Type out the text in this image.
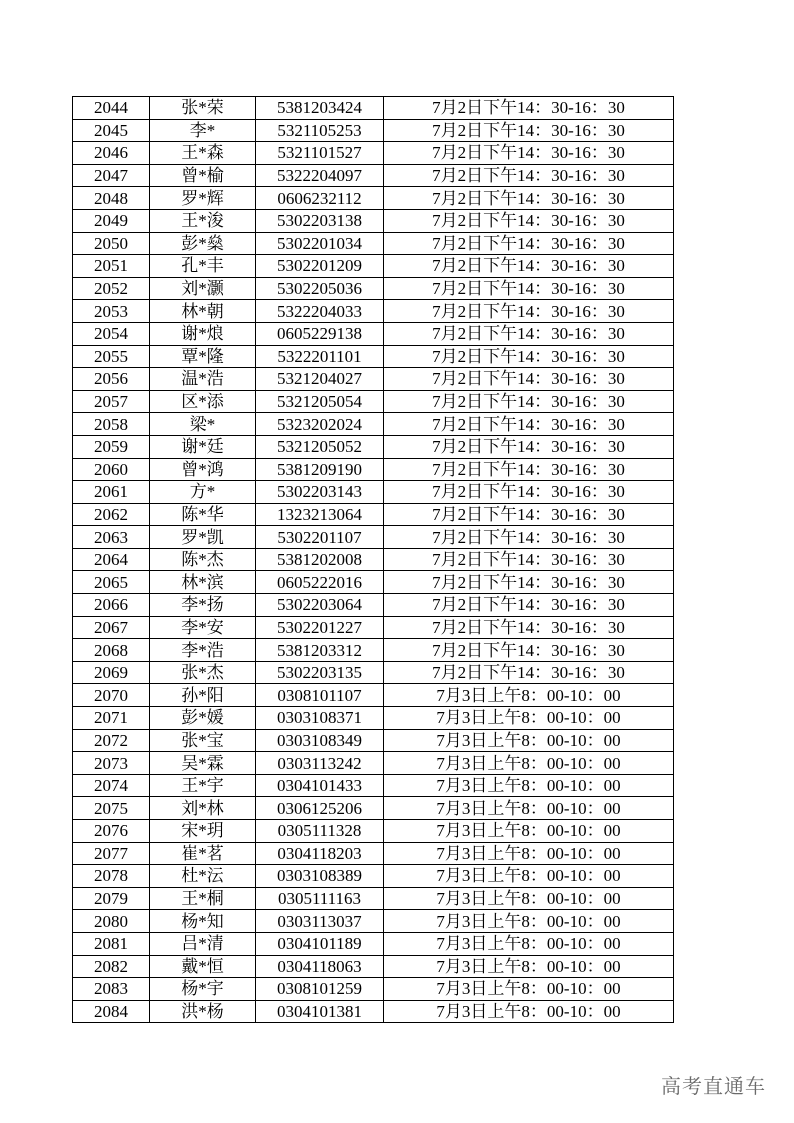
2044	张*荣	5381203424	7月2日下午14：30-16：30
2045	李*	5321105253	7月2日下午14：30-16：30
2046	王*森	5321101527	7月2日下午14：30-16：30
2047	曾*榆	5322204097	7月2日下午14：30-16：30
2048	罗*辉	0606232112	7月2日下午14：30-16：30
2049	王*浚	5302203138	7月2日下午14：30-16：30
2050	彭*燊	5302201034	7月2日下午14：30-16：30
2051	孔*丰	5302201209	7月2日下午14：30-16：30
2052	刘*灏	5302205036	7月2日下午14：30-16：30
2053	林*朝	5322204033	7月2日下午14：30-16：30
2054	谢*烺	0605229138	7月2日下午14：30-16：30
2055	覃*隆	5322201101	7月2日下午14：30-16：30
2056	温*浩	5321204027	7月2日下午14：30-16：30
2057	区*添	5321205054	7月2日下午14：30-16：30
2058	梁*	5323202024	7月2日下午14：30-16：30
2059	谢*廷	5321205052	7月2日下午14：30-16：30
2060	曾*鸿	5381209190	7月2日下午14：30-16：30
2061	方*	5302203143	7月2日下午14：30-16：30
2062	陈*华	1323213064	7月2日下午14：30-16：30
2063	罗*凯	5302201107	7月2日下午14：30-16：30
2064	陈*杰	5381202008	7月2日下午14：30-16：30
2065	林*滨	0605222016	7月2日下午14：30-16：30
2066	李*扬	5302203064	7月2日下午14：30-16：30
2067	李*安	5302201227	7月2日下午14：30-16：30
2068	李*浩	5381203312	7月2日下午14：30-16：30
2069	张*杰	5302203135	7月2日下午14：30-16：30
2070	孙*阳	0308101107	7月3日上午8：00-10：00
2071	彭*媛	0303108371	7月3日上午8：00-10：00
2072	张*宝	0303108349	7月3日上午8：00-10：00
2073	吴*霖	0303113242	7月3日上午8：00-10：00
2074	王*宇	0304101433	7月3日上午8：00-10：00
2075	刘*林	0306125206	7月3日上午8：00-10：00
2076	宋*玥	0305111328	7月3日上午8：00-10：00
2077	崔*茗	0304118203	7月3日上午8：00-10：00
2078	杜*沄	0303108389	7月3日上午8：00-10：00
2079	王*桐	0305111163	7月3日上午8：00-10：00
2080	杨*知	0303113037	7月3日上午8：00-10：00
2081	吕*清	0304101189	7月3日上午8：00-10：00
2082	戴*恒	0304118063	7月3日上午8：00-10：00
2083	杨*宇	0308101259	7月3日上午8：00-10：00
2084	洪*杨	0304101381	7月3日上午8：00-10：00
高考直通车
